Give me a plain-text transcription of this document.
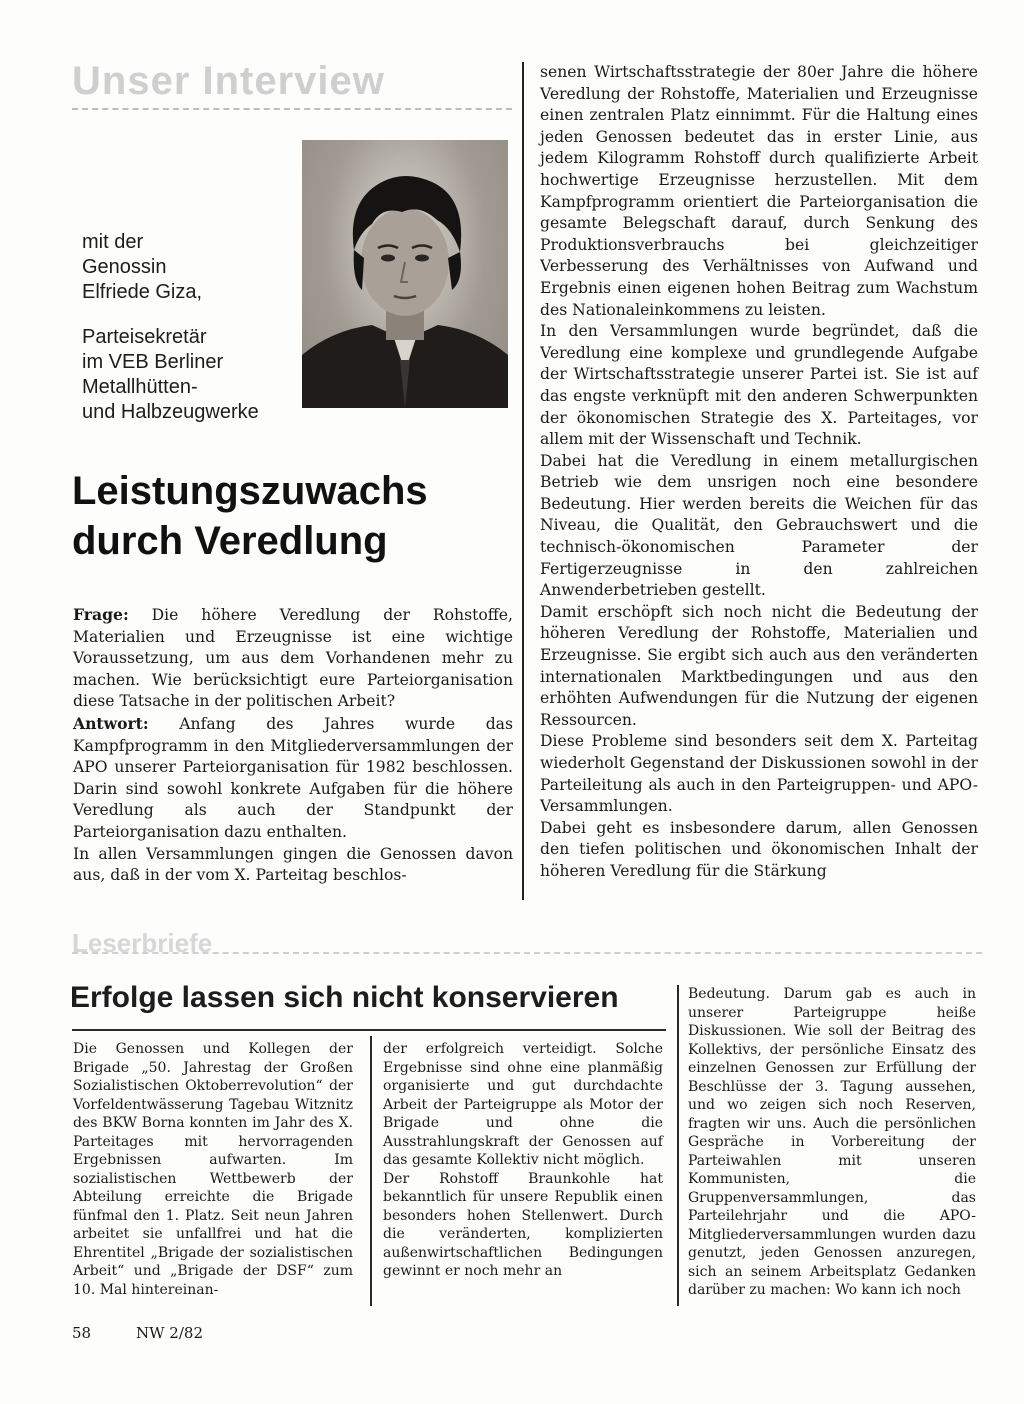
Unser Interview
mit der
Genossin
Elfriede Giza,
Parteisekretär
im VEB Berliner
Metallhütten-
und Halbzeugwerke
Leistungszuwachs
durch Veredlung

Frage: Die höhere Veredlung der Rohstoffe, Materialien und Erzeugnisse ist eine wichtige Voraussetzung, um aus dem Vorhandenen mehr zu machen. Wie berücksichtigt eure Parteiorganisation diese Tatsache in der politischen Arbeit?

Antwort: Anfang des Jahres wurde das Kampfprogramm in den Mitgliederversammlungen der APO unserer Parteiorganisation für 1982 beschlossen. Darin sind sowohl konkrete Aufgaben für die höhere Veredlung als auch der Standpunkt der Parteiorganisation dazu enthalten.

In allen Versammlungen gingen die Genossen davon aus, daß in der vom X. Parteitag beschlos-

senen Wirtschaftsstrategie der 80er Jahre die höhere Veredlung der Rohstoffe, Materialien und Erzeugnisse einen zentralen Platz einnimmt. Für die Haltung eines jeden Genossen bedeutet das in erster Linie, aus jedem Kilogramm Rohstoff durch qualifizierte Arbeit hochwertige Erzeugnisse herzustellen. Mit dem Kampfprogramm orientiert die Parteiorganisation die gesamte Belegschaft darauf, durch Senkung des Produktionsverbrauchs bei gleichzeitiger Verbesserung des Verhältnisses von Aufwand und Ergebnis einen eigenen hohen Beitrag zum Wachstum des Nationaleinkommens zu leisten.

In den Versammlungen wurde begründet, daß die Veredlung eine komplexe und grundlegende Aufgabe der Wirtschaftsstrategie unserer Partei ist. Sie ist auf das engste verknüpft mit den anderen Schwerpunkten der ökonomischen Strategie des X. Parteitages, vor allem mit der Wissenschaft und Technik.

Dabei hat die Veredlung in einem metallurgischen Betrieb wie dem unsrigen noch eine besondere Bedeutung. Hier werden bereits die Weichen für das Niveau, die Qualität, den Gebrauchswert und die technisch-ökonomischen Parameter der Fertigerzeugnisse in den zahlreichen Anwenderbetrieben gestellt.

Damit erschöpft sich noch nicht die Bedeutung der höheren Veredlung der Rohstoffe, Materialien und Erzeugnisse. Sie ergibt sich auch aus den veränderten internationalen Marktbedingungen und aus den erhöhten Aufwendungen für die Nutzung der eigenen Ressourcen.

Diese Probleme sind besonders seit dem X. Parteitag wiederholt Gegenstand der Diskussionen sowohl in der Parteileitung als auch in den Parteigruppen- und APO-Versammlungen.

Dabei geht es insbesondere darum, allen Genossen den tiefen politischen und ökonomischen Inhalt der höheren Veredlung für die Stärkung

Leserbriefe
Erfolge lassen sich nicht konservieren

Die Genossen und Kollegen der Brigade „50. Jahrestag der Großen Sozialistischen Oktoberrevolution“ der Vorfeldentwässerung Tagebau Witznitz des BKW Borna konnten im Jahr des X. Parteitages mit hervorragenden Ergebnissen aufwarten. Im sozialistischen Wettbewerb der Abteilung erreichte die Brigade fünfmal den 1. Platz. Seit neun Jahren arbeitet sie unfallfrei und hat die Ehrentitel „Brigade der sozialistischen Arbeit“ und „Brigade der DSF“ zum 10. Mal hintereinan-

der erfolgreich verteidigt. Solche Ergebnisse sind ohne eine planmäßig organisierte und gut durchdachte Arbeit der Parteigruppe als Motor der Brigade und ohne die Ausstrahlungskraft der Genossen auf das gesamte Kollektiv nicht möglich.

Der Rohstoff Braunkohle hat bekanntlich für unsere Republik einen besonders hohen Stellenwert. Durch die veränderten, komplizierten außenwirtschaftlichen Bedingungen gewinnt er noch mehr an

Bedeutung. Darum gab es auch in unserer Parteigruppe heiße Diskussionen. Wie soll der Beitrag des Kollektivs, der persönliche Einsatz des einzelnen Genossen zur Erfüllung der Beschlüsse der 3. Tagung aussehen, und wo zeigen sich noch Reserven, fragten wir uns. Auch die persönlichen Gespräche in Vorbereitung der Parteiwahlen mit unseren Kommunisten, die Gruppenversammlungen, das Parteilehrjahr und die APO-Mitgliederversammlungen wurden dazu genutzt, jeden Genossen anzuregen, sich an seinem Arbeitsplatz Gedanken darüber zu machen: Wo kann ich noch

58	NW 2/82
